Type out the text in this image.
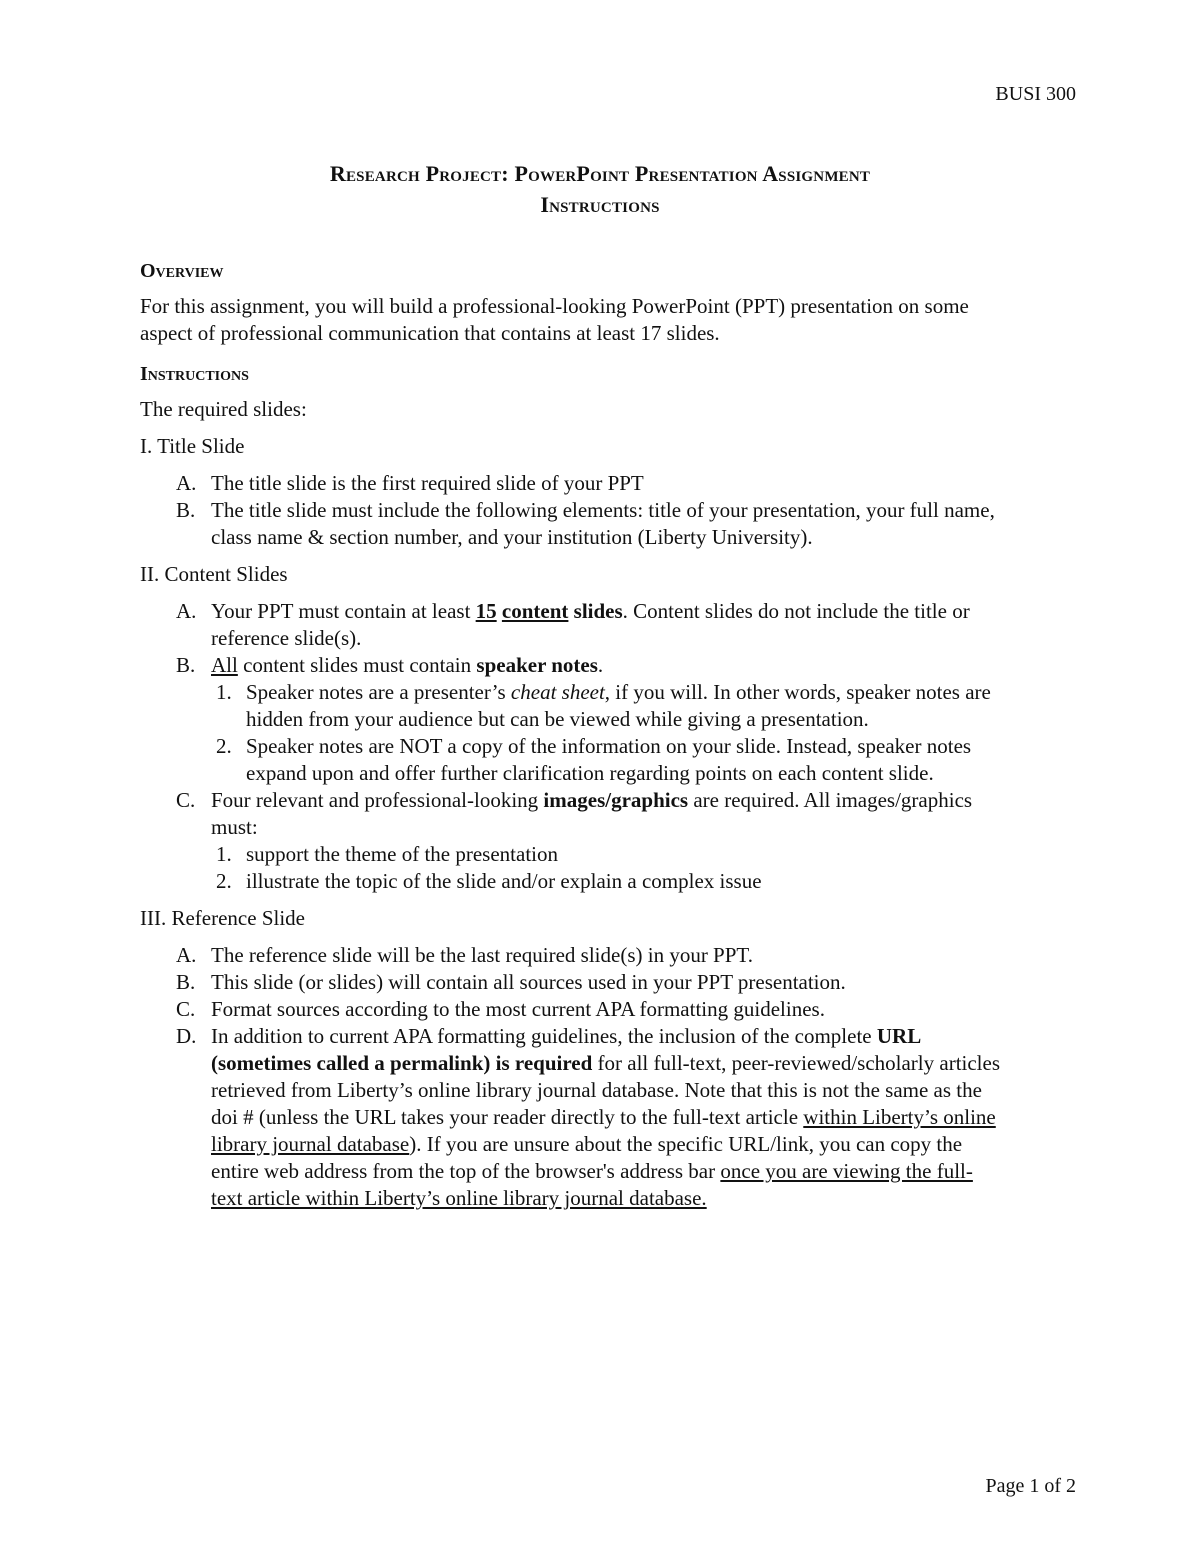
BUSI 300
Research Project: PowerPoint Presentation Assignment
Instructions
Overview

For this assignment, you will build a professional-looking PowerPoint (PPT) presentation on some aspect of professional communication that contains at least 17 slides.

Instructions

The required slides:

I. Title Slide

A. The title slide is the first required slide of your PPT
B. The title slide must include the following elements: title of your presentation, your full name, class name & section number, and your institution (Liberty University).

II. Content Slides

A. Your PPT must contain at least 15 content slides. Content slides do not include the title or reference slide(s).
B. All content slides must contain speaker notes.
1. Speaker notes are a presenter’s cheat sheet, if you will. In other words, speaker notes are hidden from your audience but can be viewed while giving a presentation.
2. Speaker notes are NOT a copy of the information on your slide. Instead, speaker notes expand upon and offer further clarification regarding points on each content slide.
C. Four relevant and professional-looking images/graphics are required. All images/graphics must:
1. support the theme of the presentation
2. illustrate the topic of the slide and/or explain a complex issue

III. Reference Slide

A. The reference slide will be the last required slide(s) in your PPT.
B. This slide (or slides) will contain all sources used in your PPT presentation.
C. Format sources according to the most current APA formatting guidelines.
D. In addition to current APA formatting guidelines, the inclusion of the complete URL (sometimes called a permalink) is required for all full-text, peer-reviewed/scholarly articles retrieved from Liberty’s online library journal database. Note that this is not the same as the doi # (unless the URL takes your reader directly to the full-text article within Liberty’s online library journal database). If you are unsure about the specific URL/link, you can copy the entire web address from the top of the browser's address bar once you are viewing the full-text article within Liberty’s online library journal database.
Page 1 of 2
